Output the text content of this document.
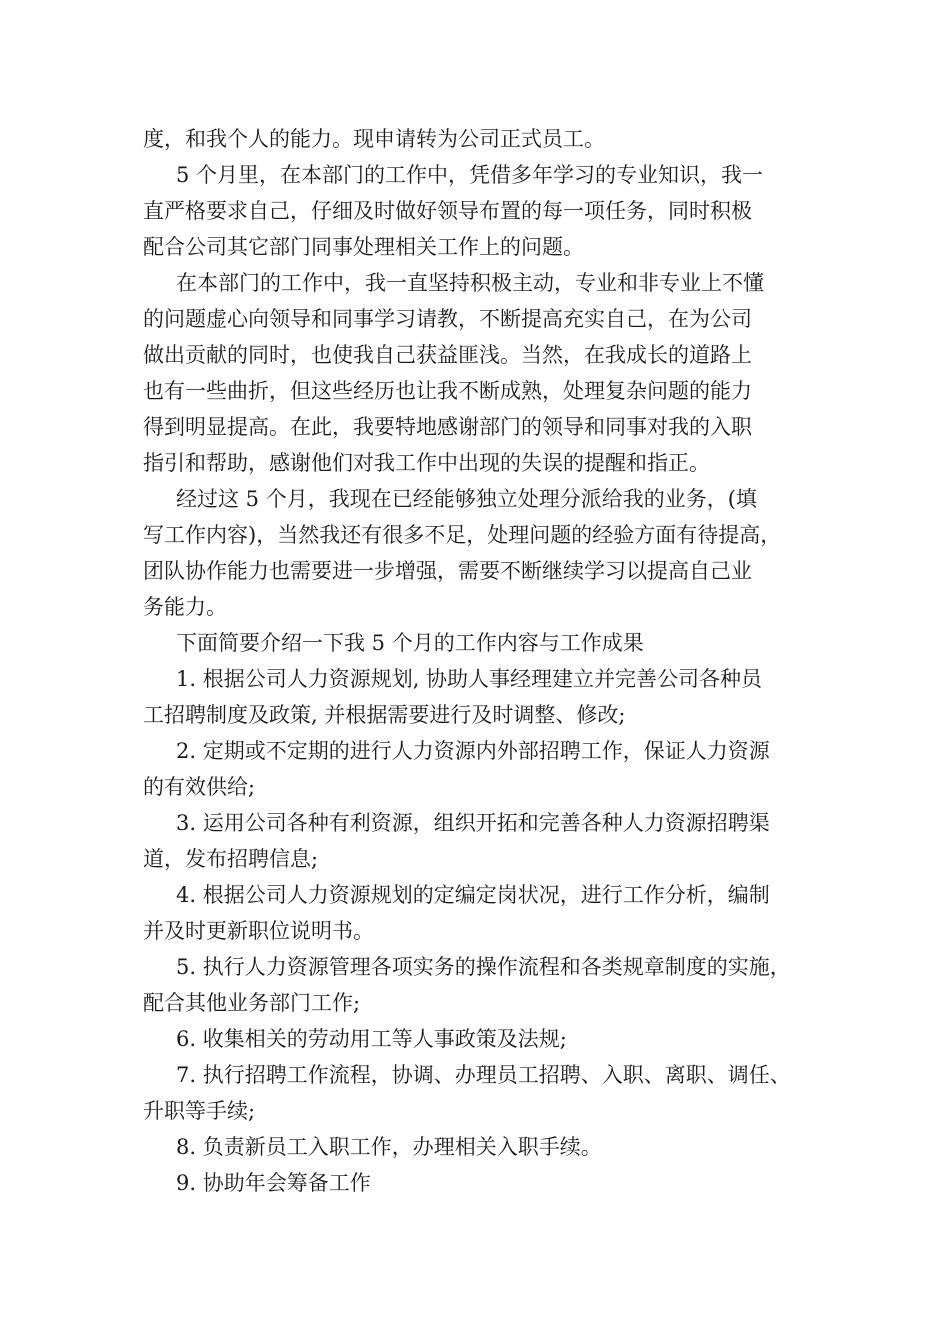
度，和我个人的能力。现申请转为公司正式员工。
5 个月里，在本部门的工作中，凭借多年学习的专业知识，我一
直严格要求自己，仔细及时做好领导布置的每一项任务，同时积极
配合公司其它部门同事处理相关工作上的问题。
在本部门的工作中，我一直坚持积极主动，专业和非专业上不懂
的问题虚心向领导和同事学习请教，不断提高充实自己，在为公司
做出贡献的同时，也使我自己获益匪浅。当然，在我成长的道路上
也有一些曲折，但这些经历也让我不断成熟，处理复杂问题的能力
得到明显提高。在此，我要特地感谢部门的领导和同事对我的入职
指引和帮助，感谢他们对我工作中出现的失误的提醒和指正。
经过这 5 个月，我现在已经能够独立处理分派给我的业务，(填
写工作内容)，当然我还有很多不足，处理问题的经验方面有待提高，
团队协作能力也需要进一步增强，需要不断继续学习以提高自己业
务能力。
下面简要介绍一下我 5 个月的工作内容与工作成果
1. 根据公司人力资源规划, 协助人事经理建立并完善公司各种员
工招聘制度及政策, 并根据需要进行及时调整、修改;
2. 定期或不定期的进行人力资源内外部招聘工作，保证人力资源
的有效供给;
3. 运用公司各种有利资源，组织开拓和完善各种人力资源招聘渠
道，发布招聘信息;
4. 根据公司人力资源规划的定编定岗状况，进行工作分析，编制
并及时更新职位说明书。
5. 执行人力资源管理各项实务的操作流程和各类规章制度的实施，
配合其他业务部门工作;
6. 收集相关的劳动用工等人事政策及法规;
7. 执行招聘工作流程，协调、办理员工招聘、入职、离职、调任、
升职等手续;
8. 负责新员工入职工作，办理相关入职手续。
9. 协助年会筹备工作
